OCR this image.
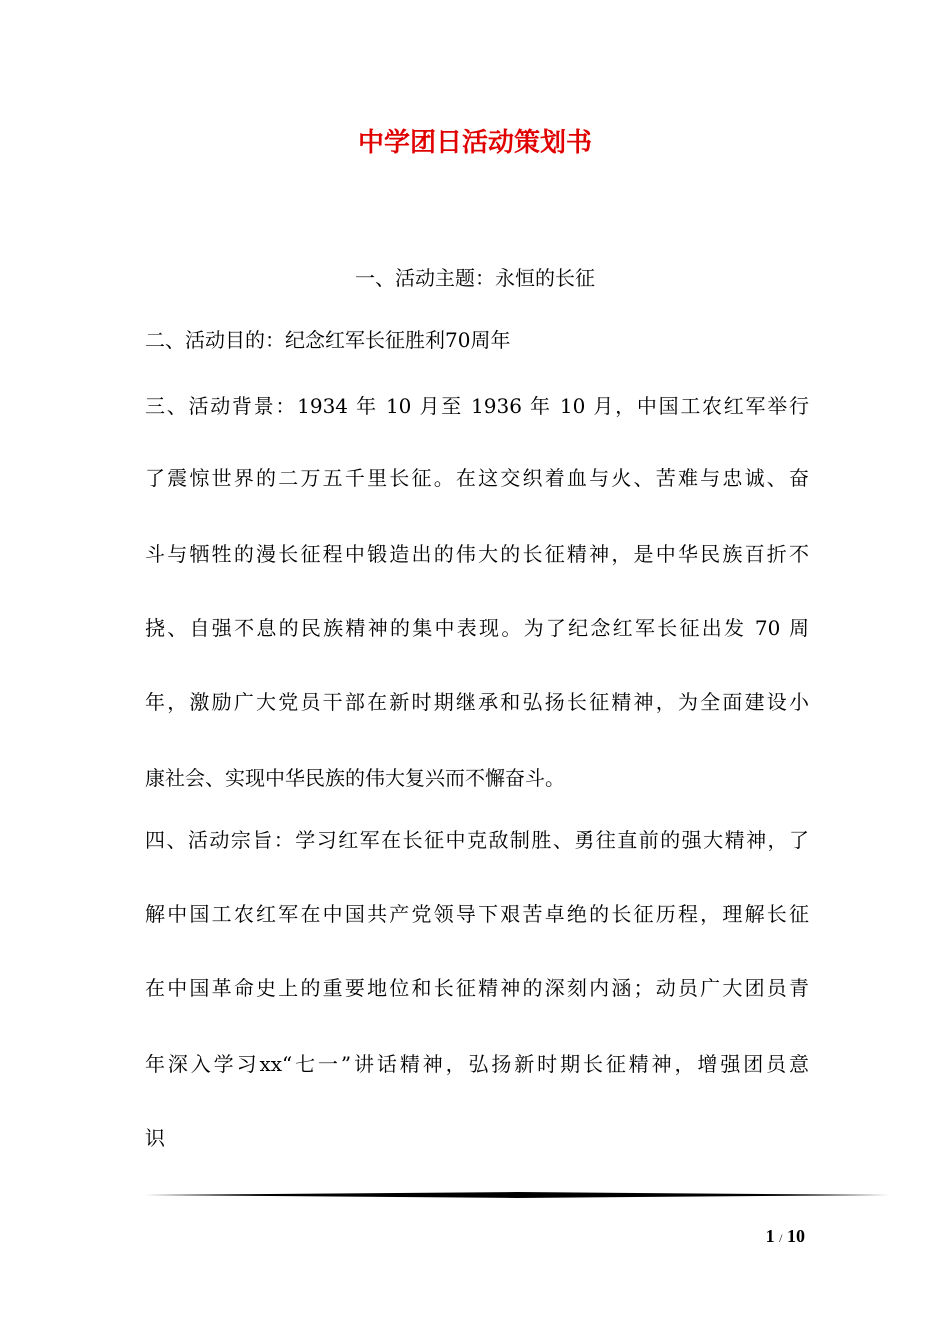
中学团日活动策划书
一、活动主题：永恒的长征
二、活动目的：纪念红军长征胜利70周年
三、活动背景：1934 年 10 月至 1936 年 10 月，中国工农红军举行
了震惊世界的二万五千里长征。在这交织着血与火、苦难与忠诚、奋
斗与牺牲的漫长征程中锻造出的伟大的长征精神，是中华民族百折不
挠、自强不息的民族精神的集中表现。为了纪念红军长征出发 70 周
年，激励广大党员干部在新时期继承和弘扬长征精神，为全面建设小
康社会、实现中华民族的伟大复兴而不懈奋斗。
四、活动宗旨：学习红军在长征中克敌制胜、勇往直前的强大精神，了
解中国工农红军在中国共产党领导下艰苦卓绝的长征历程，理解长征
在中国革命史上的重要地位和长征精神的深刻内涵；动员广大团员青
年深入学习xx“七一”讲话精神，弘扬新时期长征精神，增强团员意
识
1 / 10
